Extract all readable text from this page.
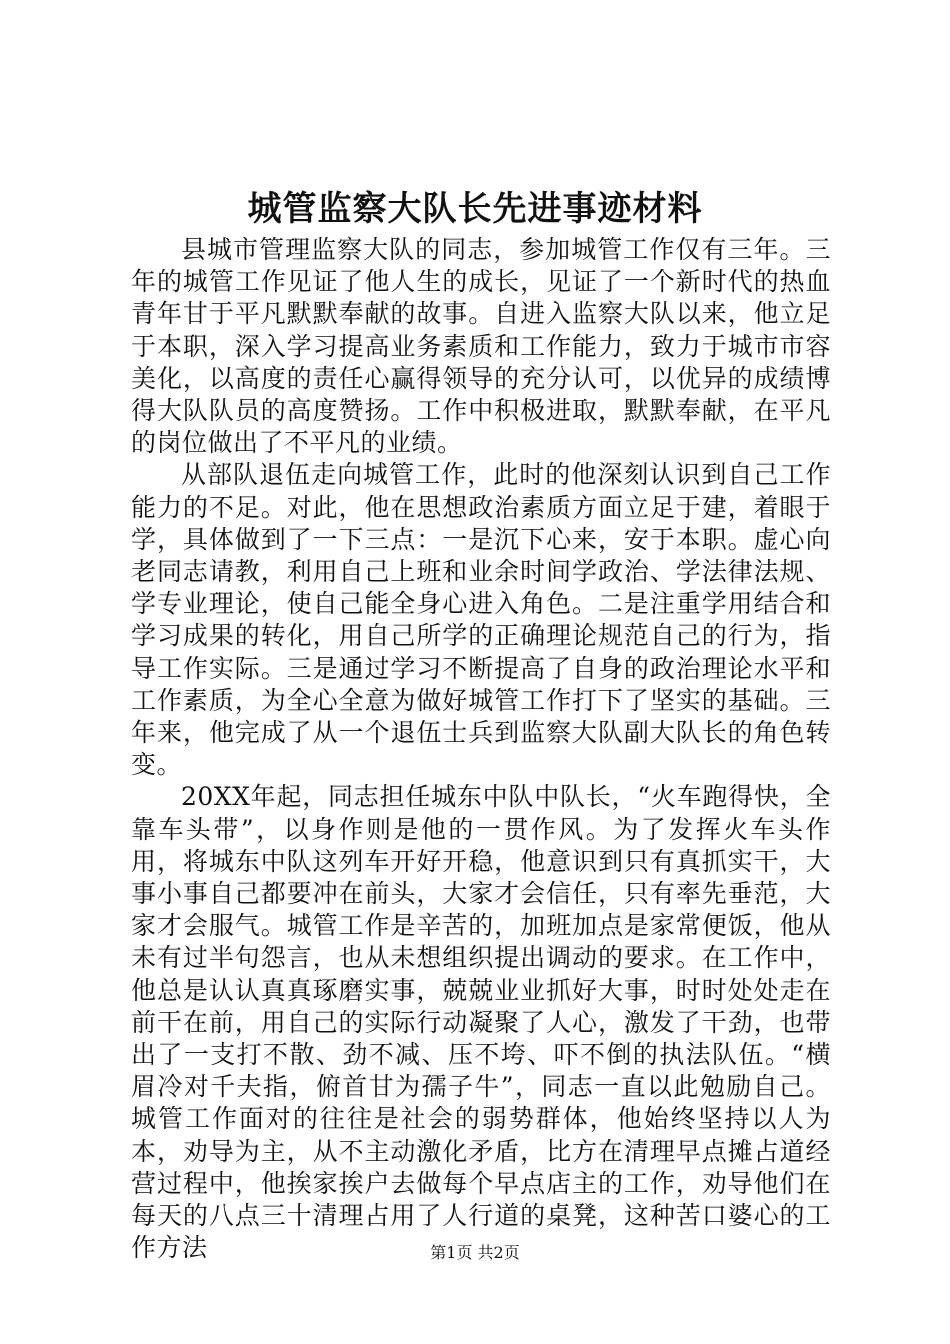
城管监察大队长先进事迹材料

县城市管理监察大队的同志，参加城管工作仅有三年。三年的城管工作见证了他人生的成长，见证了一个新时代的热血青年甘于平凡默默奉献的故事。自进入监察大队以来，他立足于本职，深入学习提高业务素质和工作能力，致力于城市市容美化，以高度的责任心赢得领导的充分认可，以优异的成绩博得大队队员的高度赞扬。工作中积极进取，默默奉献，在平凡的岗位做出了不平凡的业绩。

从部队退伍走向城管工作，此时的他深刻认识到自己工作能力的不足。对此，他在思想政治素质方面立足于建，着眼于学，具体做到了一下三点：一是沉下心来，安于本职。虚心向老同志请教，利用自己上班和业余时间学政治、学法律法规、学专业理论，使自己能全身心进入角色。二是注重学用结合和学习成果的转化，用自己所学的正确理论规范自己的行为，指导工作实际。三是通过学习不断提高了自身的政治理论水平和工作素质，为全心全意为做好城管工作打下了坚实的基础。三年来，他完成了从一个退伍士兵到监察大队副大队长的角色转变。

20XX年起，同志担任城东中队中队长，“火车跑得快，全靠车头带”，以身作则是他的一贯作风。为了发挥火车头作用，将城东中队这列车开好开稳，他意识到只有真抓实干，大事小事自己都要冲在前头，大家才会信任，只有率先垂范，大家才会服气。城管工作是辛苦的，加班加点是家常便饭，他从未有过半句怨言，也从未想组织提出调动的要求。在工作中，他总是认认真真琢磨实事，兢兢业业抓好大事，时时处处走在前干在前，用自己的实际行动凝聚了人心，激发了干劲，也带出了一支打不散、劲不减、压不垮、吓不倒的执法队伍。“横眉冷对千夫指，俯首甘为孺子牛”，同志一直以此勉励自己。城管工作面对的往往是社会的弱势群体，他始终坚持以人为本，劝导为主，从不主动激化矛盾，比方在清理早点摊占道经营过程中，他挨家挨户去做每个早点店主的工作，劝导他们在每天的八点三十清理占用了人行道的桌凳，这种苦口婆心的工作方法	第1页 共2页
